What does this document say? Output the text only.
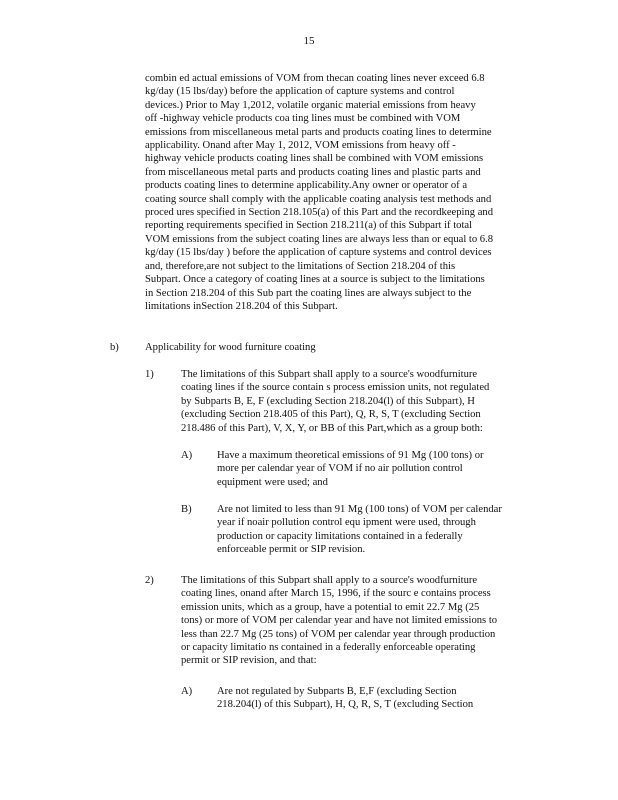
15
combin ed actual emissions of VOM from thecan coating lines never exceed 6.8
kg/day (15 lbs/day) before the application of capture systems and control
devices.) Prior to May 1,2012, volatile organic material emissions from heavy
off -highway vehicle products coa ting lines must be combined with VOM
emissions from miscellaneous metal parts and products coating lines to determine
applicability. Onand after May 1, 2012, VOM emissions from heavy off -
highway vehicle products coating lines shall be combined with VOM emissions
from miscellaneous metal parts and products coating lines and plastic parts and
products coating lines to determine applicability.Any owner or operator of a
coating source shall comply with the applicable coating analysis test methods and
proced ures specified in Section 218.105(a) of this Part and the recordkeeping and
reporting requirements specified in Section 218.211(a) of this Subpart if total
VOM emissions from the subject coating lines are always less than or equal to 6.8
kg/day (15 lbs/day ) before the application of capture systems and control devices
and, therefore,are not subject to the limitations of Section 218.204 of this
Subpart. Once a category of coating lines at a source is subject to the limitations
in Section 218.204 of this Sub part the coating lines are always subject to the
limitations inSection 218.204 of this Subpart.
b) Applicability for wood furniture coating
1)	The limitations of this Subpart shall apply to a source's woodfurniture
coating lines if the source contain s process emission units, not regulated
by Subparts B, E, F (excluding Section 218.204(l) of this Subpart), H
(excluding Section 218.405 of this Part), Q, R, S, T (excluding Section
218.486 of this Part), V, X, Y, or BB of this Part,which as a group both:
A) Have a maximum theoretical emissions of 91 Mg (100 tons) or
more per calendar year of VOM if no air pollution control
equipment were used; and
B) Are not limited to less than 91 Mg (100 tons) of VOM per calendar
year if noair pollution control equ ipment were used, through
production or capacity limitations contained in a federally
enforceable permit or SIP revision.
2)	The limitations of this Subpart shall apply to a source's woodfurniture
coating lines, onand after March 15, 1996, if the sourc e contains process
emission units, which as a group, have a potential to emit 22.7 Mg (25
tons) or more of VOM per calendar year and have not limited emissions to
less than 22.7 Mg (25 tons) of VOM per calendar year through production
or capacity limitatio ns contained in a federally enforceable operating
permit or SIP revision, and that:
A) Are not regulated by Subparts B, E,F (excluding Section
218.204(l) of this Subpart), H, Q, R, S, T (excluding Section
